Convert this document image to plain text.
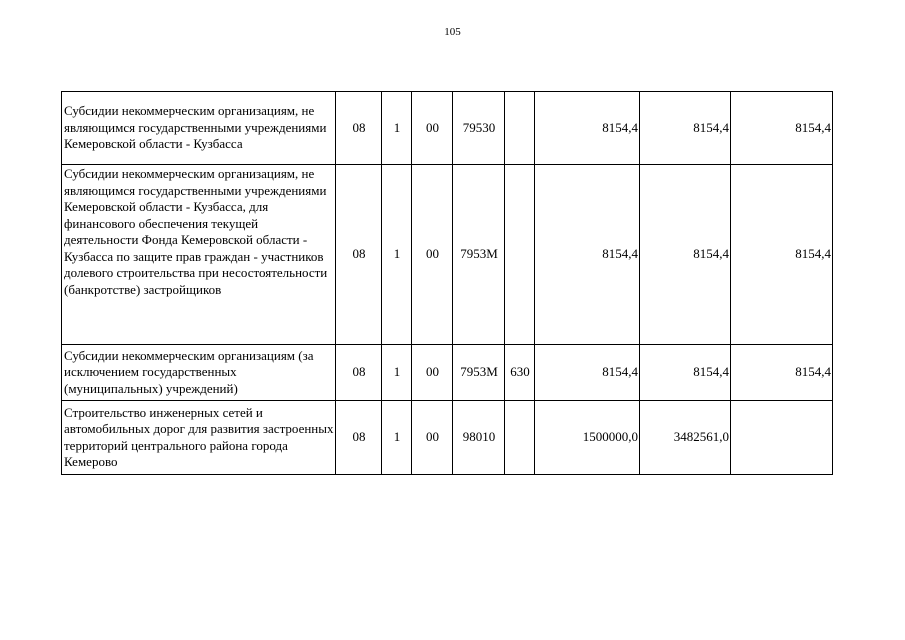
105
Субсидии некоммерческим организациям, не являющимся государственными учреждениями Кемеровской области - Кузбасса	08	1	00	79530		8154,4	8154,4	8154,4
Субсидии некоммерческим организациям, не являющимся государственными учреждениями Кемеровской области - Кузбасса, для финансового обеспечения текущей деятельности Фонда Кемеровской области - Кузбасса по защите прав граждан - участников долевого строительства при несостоятельности (банкротстве) застройщиков	08	1	00	7953М		8154,4	8154,4	8154,4
Субсидии некоммерческим организациям (за исключением государственных (муниципальных) учреждений)	08	1	00	7953М	630	8154,4	8154,4	8154,4
Строительство инженерных сетей и автомобильных дорог для развития застроенных территорий центрального района города Кемерово	08	1	00	98010		1500000,0	3482561,0	
